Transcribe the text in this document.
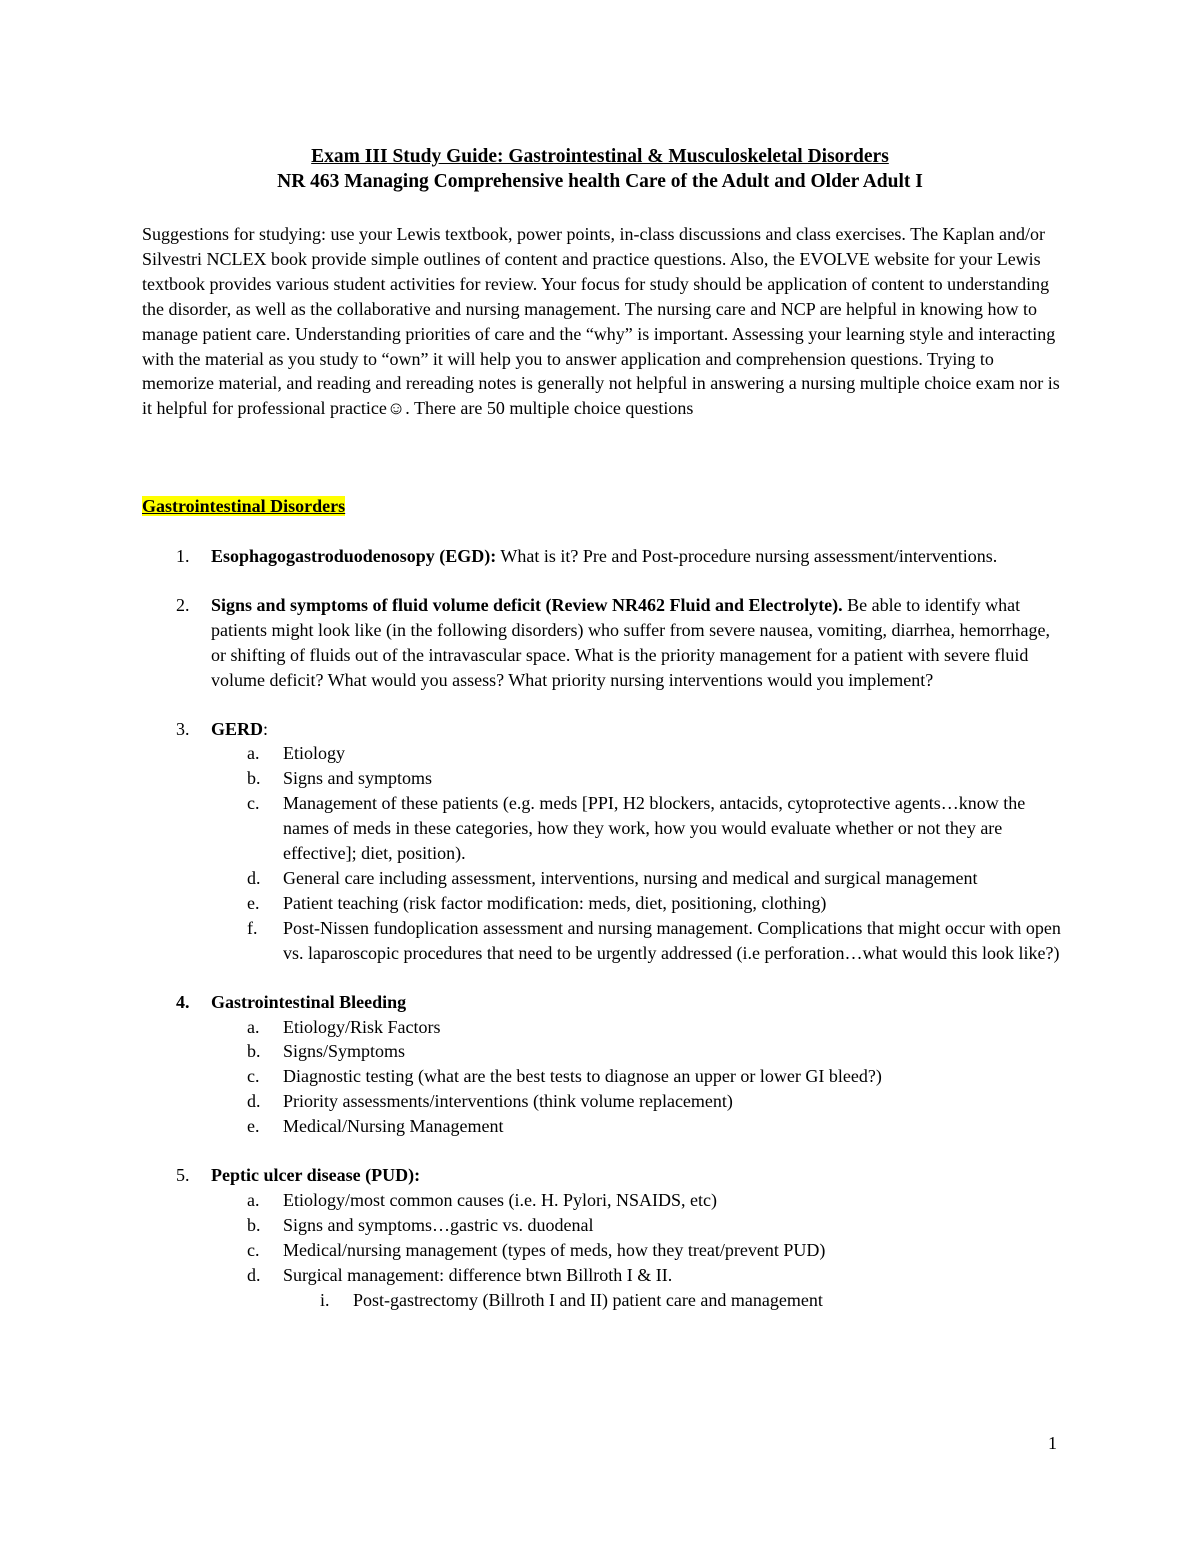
Exam III Study Guide: Gastrointestinal & Musculoskeletal Disorders
NR 463 Managing Comprehensive health Care of the Adult and Older Adult I
Suggestions for studying: use your Lewis textbook, power points, in-class discussions and class exercises. The Kaplan and/or Silvestri NCLEX book provide simple outlines of content and practice questions. Also, the EVOLVE website for your Lewis textbook provides various student activities for review. Your focus for study should be application of content to understanding the disorder, as well as the collaborative and nursing management. The nursing care and NCP are helpful in knowing how to manage patient care. Understanding priorities of care and the “why” is important. Assessing your learning style and interacting with the material as you study to “own” it will help you to answer application and comprehension questions. Trying to memorize material, and reading and rereading notes is generally not helpful in answering a nursing multiple choice exam nor is it helpful for professional practice☺. There are 50 multiple choice questions
Gastrointestinal Disorders
1.	Esophagogastroduodenosopy (EGD): What is it? Pre and Post-procedure nursing assessment/interventions.
2.	Signs and symptoms of fluid volume deficit (Review NR462 Fluid and Electrolyte). Be able to identify what patients might look like (in the following disorders) who suffer from severe nausea, vomiting, diarrhea, hemorrhage, or shifting of fluids out of the intravascular space. What is the priority management for a patient with severe fluid volume deficit? What would you assess? What priority nursing interventions would you implement?
3.	GERD:
a. Etiology
b. Signs and symptoms
c. Management of these patients (e.g. meds [PPI, H2 blockers, antacids, cytoprotective agents…know the names of meds in these categories, how they work, how you would evaluate whether or not they are effective]; diet, position).
d. General care including assessment, interventions, nursing and medical and surgical management
e. Patient teaching (risk factor modification: meds, diet, positioning, clothing)
f. Post-Nissen fundoplication assessment and nursing management. Complications that might occur with open vs. laparoscopic procedures that need to be urgently addressed (i.e perforation…what would this look like?)
4.	Gastrointestinal Bleeding
a. Etiology/Risk Factors
b. Signs/Symptoms
c. Diagnostic testing (what are the best tests to diagnose an upper or lower GI bleed?)
d. Priority assessments/interventions (think volume replacement)
e. Medical/Nursing Management
5.	Peptic ulcer disease (PUD):
a. Etiology/most common causes (i.e. H. Pylori, NSAIDS, etc)
b. Signs and symptoms…gastric vs. duodenal
c. Medical/nursing management (types of meds, how they treat/prevent PUD)
d. Surgical management: difference btwn Billroth I & II.
i. Post-gastrectomy (Billroth I and II) patient care and management
1
